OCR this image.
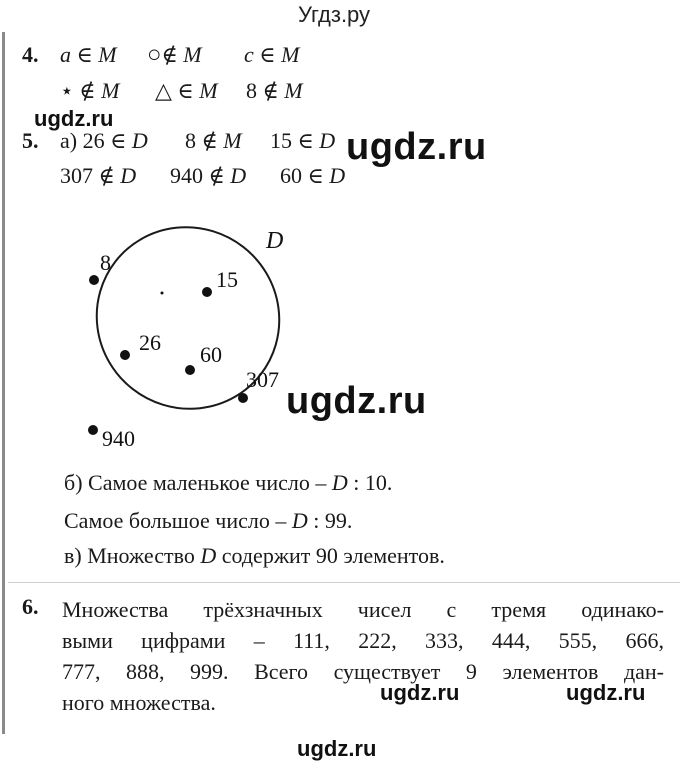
Угдз.ру
4. a ∈ M ○∉ M c ∈ M
⋆ ∉ M △ ∈ M 8 ∉ M
ugdz.ru
5. а) 26 ∈ D 8 ∉ M 15 ∈ D ugdz.ru
307 ∉ D 940 ∉ D 60 ∈ D
D
8
15
26 60
307
940
ugdz.ru
б) Самое маленькое число – D : 10.
Самое большое число – D : 99.
в) Множество D содержит 90 элементов.
6. Множества трёхзначных чисел с тремя одинако-
выми цифрами – 111, 222, 333, 444, 555, 666,
777, 888, 999. Всего существует 9 элементов дан-
ного множества.	ugdz.ru	ugdz.ru
ugdz.ru
